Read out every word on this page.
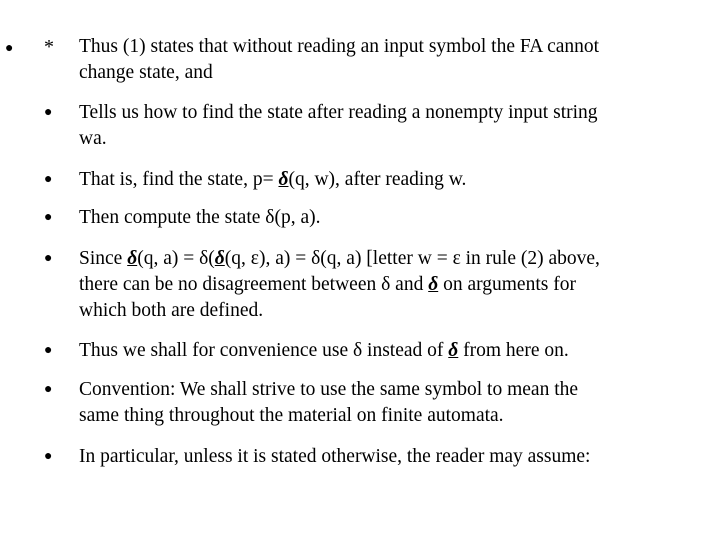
● *	Thus (1) states that without reading an input symbol the FA cannot
change state, and
●	Tells us how to find the state after reading a nonempty input string
wa.
●	That is, find the state, p= δ(q, w), after reading w.
●	Then compute the state δ(p, a).
●	Since δ(q, a) = δ(δ(q, ε), a) = δ(q, a) [letter w = ε in rule (2) above,
there can be no disagreement between δ and δ on arguments for
which both are defined.
●	Thus we shall for convenience use δ instead of δ from here on.
●	Convention: We shall strive to use the same symbol to mean the
same thing throughout the material on finite automata.
●	In particular, unless it is stated otherwise, the reader may assume:
